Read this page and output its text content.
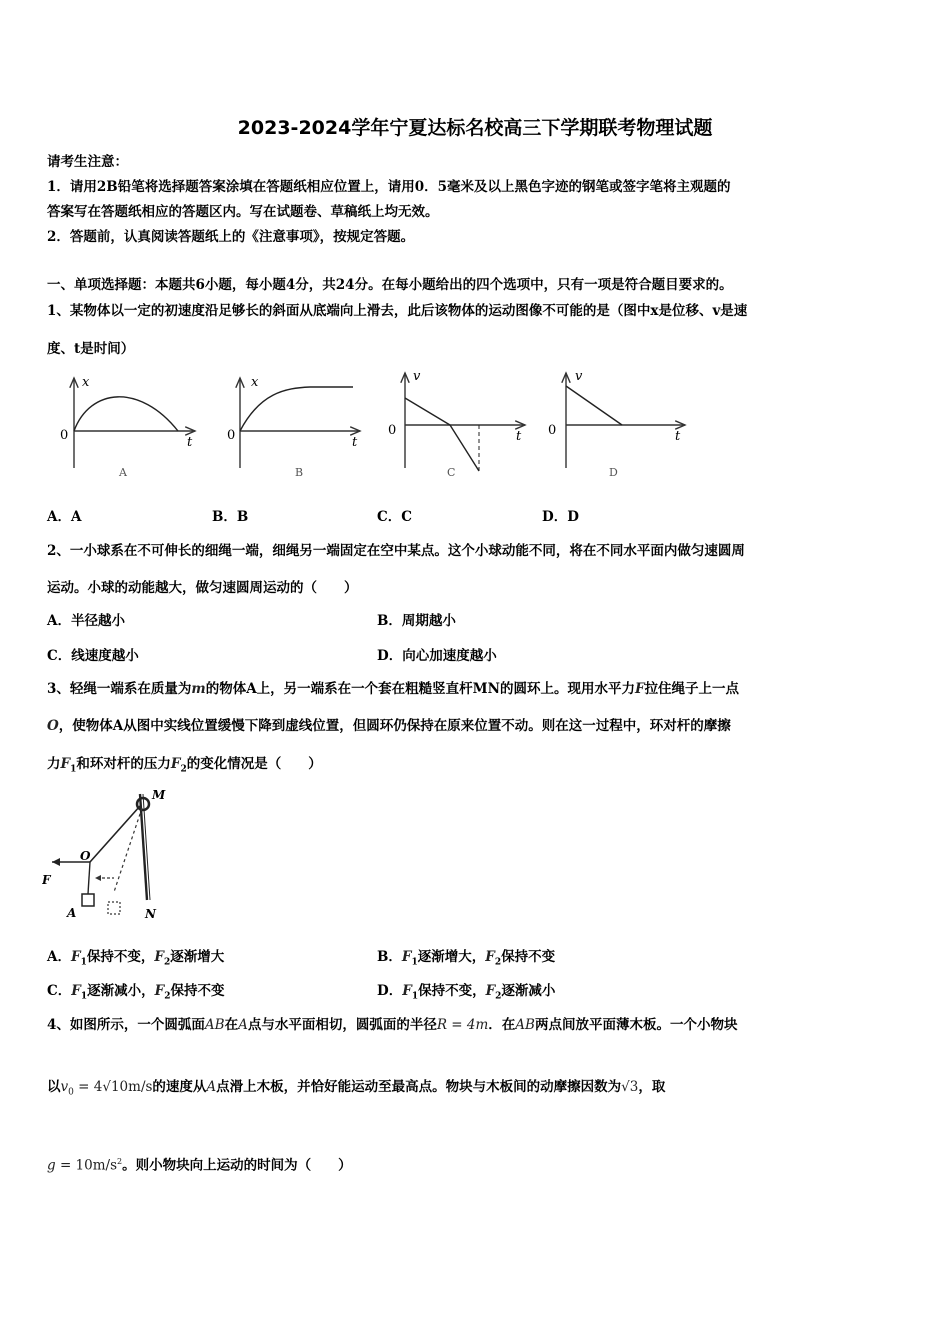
2023-2024学年宁夏达标名校高三下学期联考物理试题
请考生注意：
1．请用2B铅笔将选择题答案涂填在答题纸相应位置上，请用0．5毫米及以上黑色字迹的钢笔或签字笔将主观题的
答案写在答题纸相应的答题区内。写在试题卷、草稿纸上均无效。
2．答题前，认真阅读答题纸上的《注意事项》，按规定答题。
一、单项选择题：本题共6小题，每小题4分，共24分。在每小题给出的四个选项中，只有一项是符合题目要求的。
1、某物体以一定的初速度沿足够长的斜面从底端向上滑去，此后该物体的运动图像不可能的是（图中x是位移、v是速
度、t是时间）
x
0	t
A
x
0	t
B
v
0	t
C
v
0	t
D
A．A	B．B	C．C	D．D
2、一小球系在不可伸长的细绳一端，细绳另一端固定在空中某点。这个小球动能不同，将在不同水平面内做匀速圆周
运动。小球的动能越大，做匀速圆周运动的（　　）
A．半径越小	B．周期越小
C．线速度越小	D．向心加速度越小
3、轻绳一端系在质量为m的物体A上，另一端系在一个套在粗糙竖直杆MN的圆环上。现用水平力F拉住绳子上一点
O，使物体A从图中实线位置缓慢下降到虚线位置，但圆环仍保持在原来位置不动。则在这一过程中，环对杆的摩擦
力$F_1$和环对杆的压力$F_2$的变化情况是（　　）
M
N
O
F
A
A．$F_1$保持不变，$F_2$逐渐增大	B．$F_1$逐渐增大，$F_2$保持不变
C．$F_1$逐渐减小，$F_2$保持不变	D．$F_1$保持不变，$F_2$逐渐减小
4、如图所示，一个圆弧面AB在A点与水平面相切，圆弧面的半径R = 4m．在AB两点间放平面薄木板。一个小物块
以$v_0 = 4√10m/s$的速度从A点滑上木板，并恰好能运动至最高点。物块与木板间的动摩擦因数为√3，取
$g = 10m/s^2$。则小物块向上运动的时间为（　　）
